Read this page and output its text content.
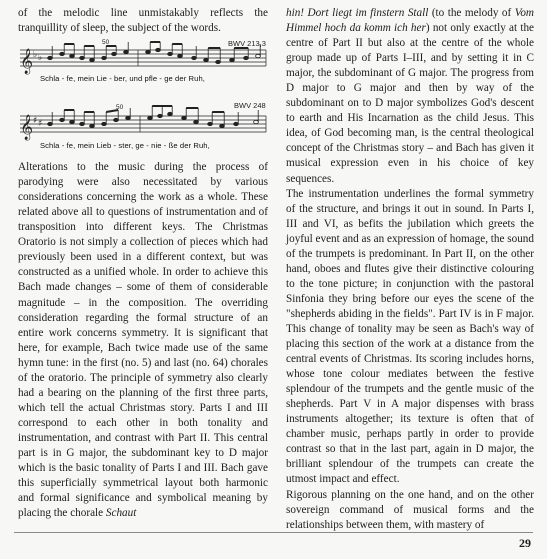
of the melodic line unmistakably reflects the tranquillity of sleep, the subject of the words.

𝄞 ♭ ♭
BWV 213,3
50
Schla - fe, mein Lie - ber, und pfle - ge der Ruh,
𝄞 ♯ ♯
BWV 248
50
Schla - fe, mein Lieb - ster, ge - nie - ße der Ruh,

Alterations to the music during the process of parodying were also necessitated by various considerations concerning the work as a whole. These related above all to questions of instrumentation and of transposition into different keys. The Christmas Oratorio is not simply a collection of pieces which had previously been used in a different context, but was constructed as a unified whole. In order to achieve this Bach made changes – some of them of considerable magnitude – in the composition. The overriding consideration regarding the formal structure of an entire work concerns symmetry. It is significant that here, for example, Bach twice made use of the same hymn tune: in the first (no. 5) and last (no. 64) chorales of the oratorio. The principle of symmetry also clearly had a bearing on the planning of the first three parts, which tell the actual Christmas story. Parts I and III correspond to each other in both tonality and instrumentation, and contrast with Part II. This central part is in G major, the subdominant key to D major which is the basic tonality of Parts I and III. Bach gave this superficially symmetrical layout both harmonic and formal significance and symbolical meaning by placing the chorale Schaut

hin! Dort liegt im finstern Stall (to the melody of Vom Himmel hoch da komm ich her) not only exactly at the centre of Part II but also at the centre of the whole group made up of Parts I–III, and by setting it in C major, the subdominant of G major. The progress from D major to G major and then by way of the subdominant on to D major symbolizes God's descent to earth and His Incarnation as the child Jesus. This idea, of God becoming man, is the central theological concept of the Christmas story – and Bach has given it musical expression even in his choice of key sequences.

The instrumentation underlines the formal symmetry of the structure, and brings it out in sound. In Parts I, III and VI, as befits the jubilation which greets the joyful event and as an expression of homage, the sound of the trumpets is predominant. In Part II, on the other hand, oboes and flutes give their distinctive colouring to the tone picture; in conjunction with the pastoral Sinfonia they bring before our eyes the scene of the "shepherds abiding in the fields". Part IV is in F major. This change of tonality may be seen as Bach's way of placing this section of the work at a distance from the central events of Christmas. Its scoring includes horns, whose tone colour mediates between the festive splendour of the trumpets and the gentle music of the shepherds. Part V in A major dispenses with brass instruments altogether; its texture is often that of chamber music, perhaps partly in order to provide contrast so that in the last part, again in D major, the brilliant splendour of the trumpets can create the utmost impact and effect.

Rigorous planning on the one hand, and on the other sovereign command of musical forms and the relationships between them, with mastery of

29
